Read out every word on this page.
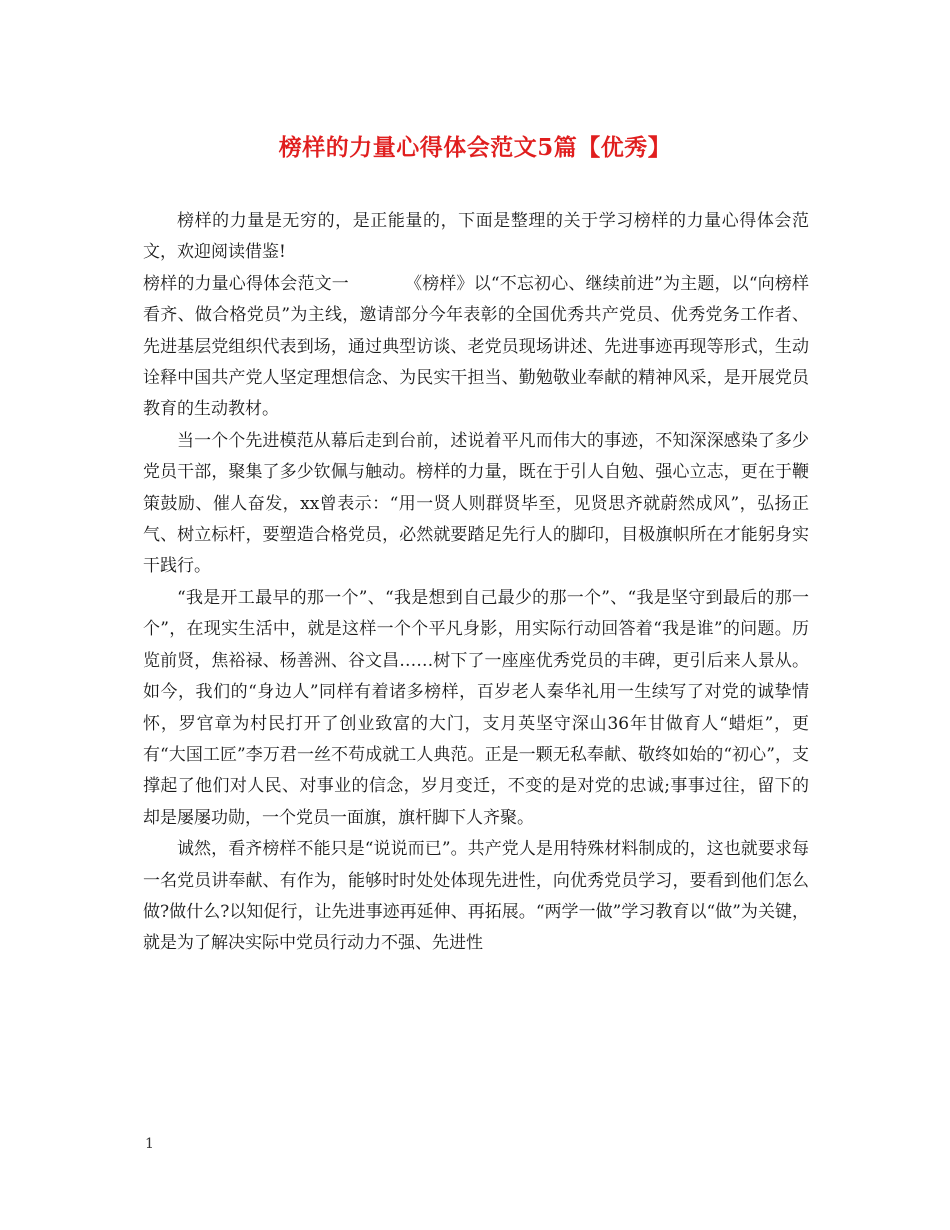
榜样的力量心得体会范文5篇【优秀】

榜样的力量是无穷的，是正能量的，下面是整理的关于学习榜样的力量心得体会范文，欢迎阅读借鉴!

榜样的力量心得体会范文一	《榜样》以“不忘初心、继续前进”为主题，以“向榜样看齐、做合格党员”为主线，邀请部分今年表彰的全国优秀共产党员、优秀党务工作者、先进基层党组织代表到场，通过典型访谈、老党员现场讲述、先进事迹再现等形式，生动诠释中国共产党人坚定理想信念、为民实干担当、勤勉敬业奉献的精神风采，是开展党员教育的生动教材。

当一个个先进模范从幕后走到台前，述说着平凡而伟大的事迹，不知深深感染了多少党员干部，聚集了多少钦佩与触动。榜样的力量，既在于引人自勉、强心立志，更在于鞭策鼓励、催人奋发，xx曾表示：“用一贤人则群贤毕至，见贤思齐就蔚然成风”，弘扬正气、树立标杆，要塑造合格党员，必然就要踏足先行人的脚印，目极旗帜所在才能躬身实干践行。

“我是开工最早的那一个”、“我是想到自己最少的那一个”、“我是坚守到最后的那一个”，在现实生活中，就是这样一个个平凡身影，用实际行动回答着“我是谁”的问题。历览前贤，焦裕禄、杨善洲、谷文昌……树下了一座座优秀党员的丰碑，更引后来人景从。如今，我们的“身边人”同样有着诸多榜样，百岁老人秦华礼用一生续写了对党的诚挚情怀，罗官章为村民打开了创业致富的大门，支月英坚守深山36年甘做育人“蜡炬”，更有“大国工匠”李万君一丝不苟成就工人典范。正是一颗无私奉献、敬终如始的“初心”，支撑起了他们对人民、对事业的信念，岁月变迁，不变的是对党的忠诚;事事过往，留下的却是屡屡功勋，一个党员一面旗，旗杆脚下人齐聚。

诚然，看齐榜样不能只是“说说而已”。共产党人是用特殊材料制成的，这也就要求每一名党员讲奉献、有作为，能够时时处处体现先进性，向优秀党员学习，要看到他们怎么做?做什么?以知促行，让先进事迹再延伸、再拓展。“两学一做”学习教育以“做”为关键，就是为了解决实际中党员行动力不强、先进性

1
